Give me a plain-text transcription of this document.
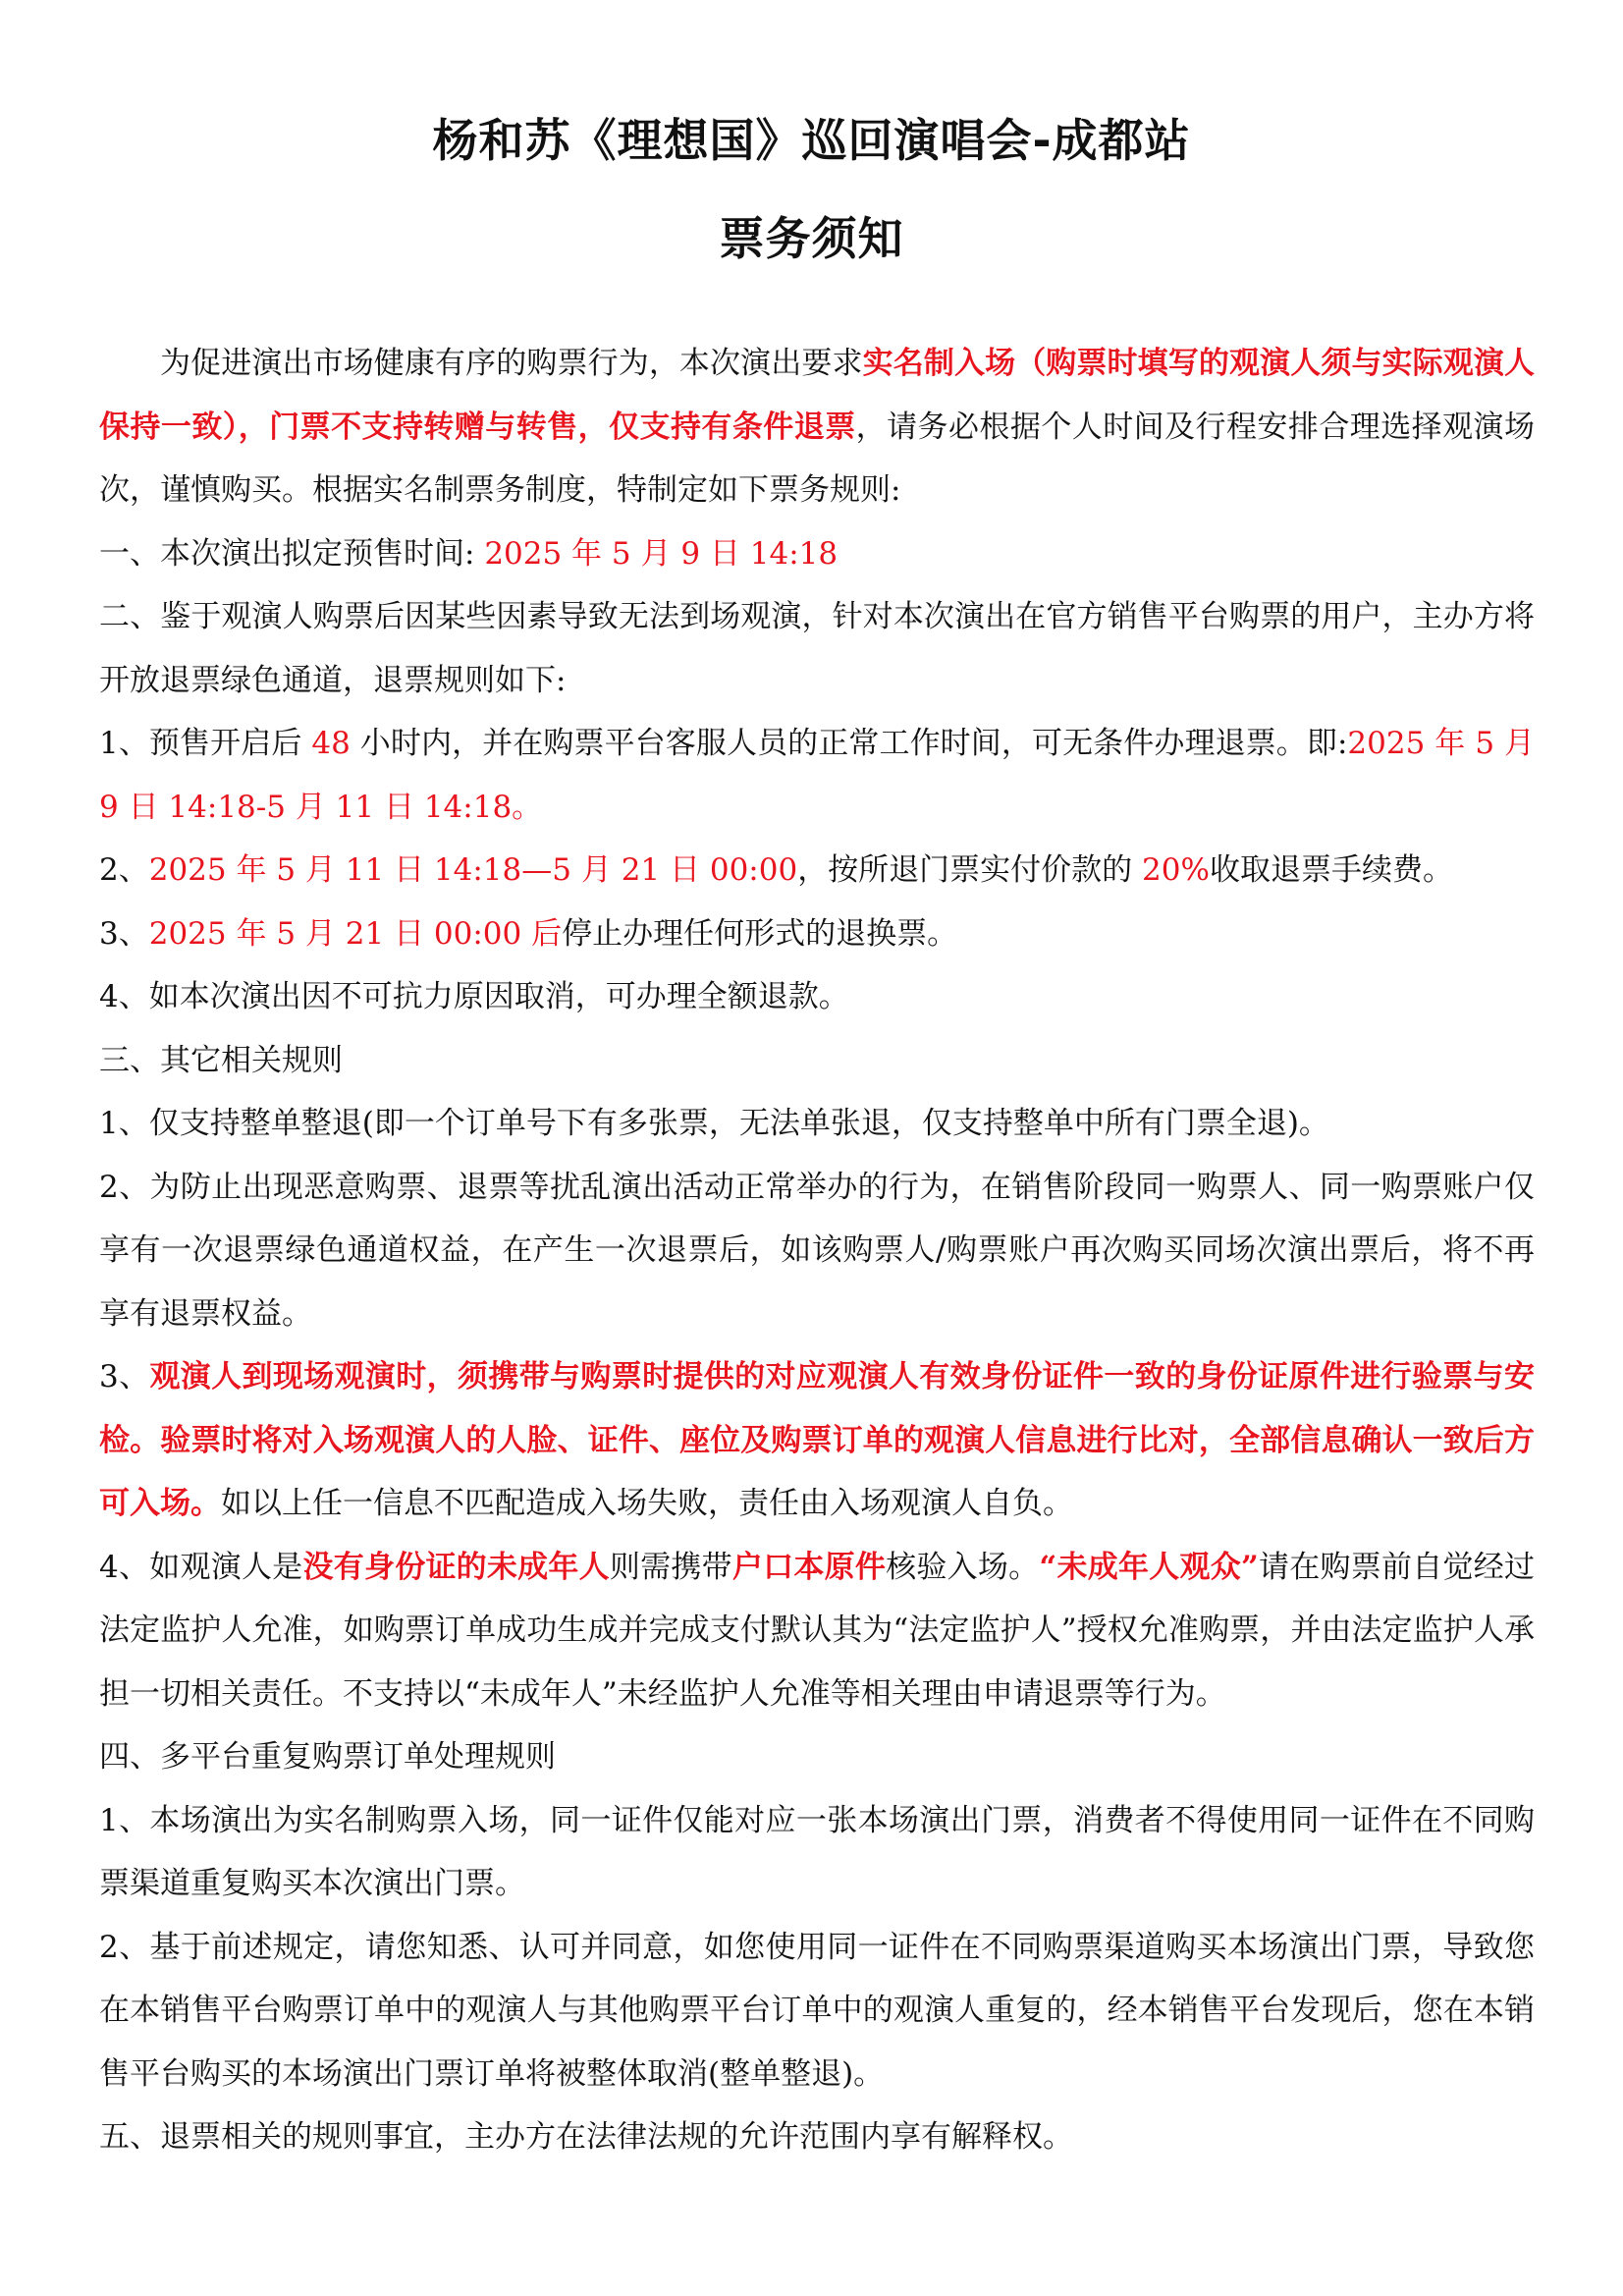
杨和苏《理想国》巡回演唱会-成都站
票务须知

为促进演出市场健康有序的购票行为，本次演出要求实名制入场（购票时填写的观演人须与实际观演人保持一致），门票不支持转赠与转售，仅支持有条件退票，请务必根据个人时间及行程安排合理选择观演场次，谨慎购买。根据实名制票务制度，特制定如下票务规则:

一、本次演出拟定预售时间: 2025 年 5 月 9 日 14:18

二、鉴于观演人购票后因某些因素导致无法到场观演，针对本次演出在官方销售平台购票的用户，主办方将开放退票绿色通道，退票规则如下:

1、预售开启后 48 小时内，并在购票平台客服人员的正常工作时间，可无条件办理退票。即:2025 年 5 月 9 日 14:18-5 月 11 日 14:18。

2、2025 年 5 月 11 日 14:18—5 月 21 日 00:00，按所退门票实付价款的 20%收取退票手续费。

3、2025 年 5 月 21 日 00:00 后停止办理任何形式的退换票。

4、如本次演出因不可抗力原因取消，可办理全额退款。

三、其它相关规则

1、仅支持整单整退(即一个订单号下有多张票，无法单张退，仅支持整单中所有门票全退)。

2、为防止出现恶意购票、退票等扰乱演出活动正常举办的行为，在销售阶段同一购票人、同一购票账户仅享有一次退票绿色通道权益，在产生一次退票后，如该购票人/购票账户再次购买同场次演出票后，将不再享有退票权益。

3、观演人到现场观演时，须携带与购票时提供的对应观演人有效身份证件一致的身份证原件进行验票与安检。验票时将对入场观演人的人脸、证件、座位及购票订单的观演人信息进行比对，全部信息确认一致后方可入场。如以上任一信息不匹配造成入场失败，责任由入场观演人自负。

4、如观演人是没有身份证的未成年人则需携带户口本原件核验入场。“未成年人观众”请在购票前自觉经过法定监护人允准，如购票订单成功生成并完成支付默认其为“法定监护人”授权允准购票，并由法定监护人承担一切相关责任。不支持以“未成年人”未经监护人允准等相关理由申请退票等行为。

四、多平台重复购票订单处理规则

1、本场演出为实名制购票入场，同一证件仅能对应一张本场演出门票，消费者不得使用同一证件在不同购票渠道重复购买本次演出门票。

2、基于前述规定，请您知悉、认可并同意，如您使用同一证件在不同购票渠道购买本场演出门票，导致您在本销售平台购票订单中的观演人与其他购票平台订单中的观演人重复的，经本销售平台发现后，您在本销售平台购买的本场演出门票订单将被整体取消(整单整退)。

五、退票相关的规则事宜，主办方在法律法规的允许范围内享有解释权。
